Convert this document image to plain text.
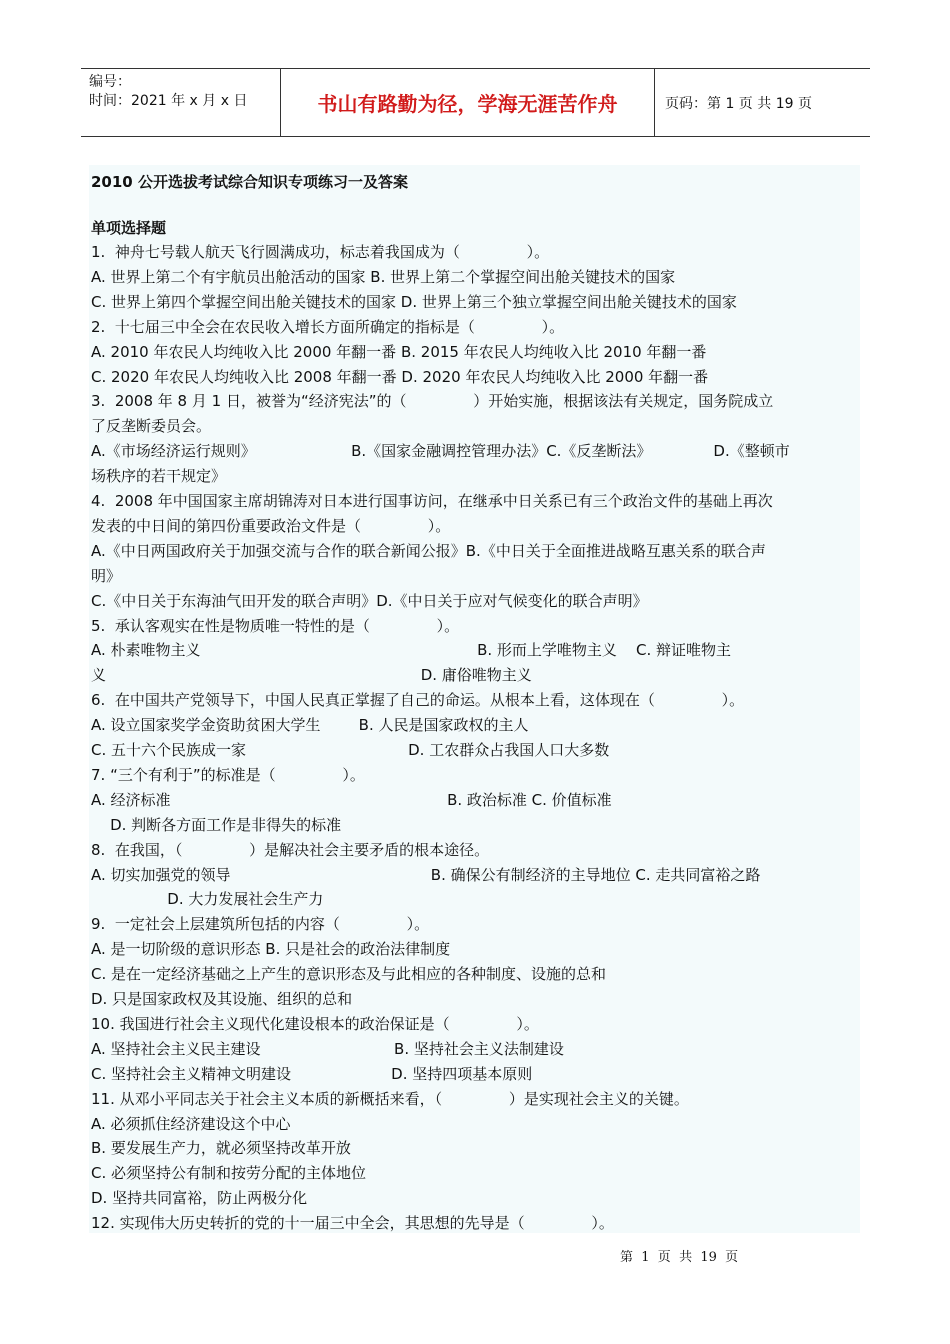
编号：
时间：2021 年 x 月 x 日	书山有路勤为径，学海无涯苦作舟	页码：第 1 页 共 19 页
2010 公开选拔考试综合知识专项练习一及答案
单项选择题
1.  神舟七号载人航天飞行圆满成功，标志着我国成为（              ）。
A. 世界上第二个有宇航员出舱活动的国家 B. 世界上第二个掌握空间出舱关键技术的国家
C. 世界上第四个掌握空间出舱关键技术的国家 D. 世界上第三个独立掌握空间出舱关键技术的国家
2.  十七届三中全会在农民收入增长方面所确定的指标是（              ）。
A. 2010 年农民人均纯收入比 2000 年翻一番 B. 2015 年农民人均纯收入比 2010 年翻一番
C. 2020 年农民人均纯收入比 2008 年翻一番 D. 2020 年农民人均纯收入比 2000 年翻一番
3.  2008 年 8 月 1 日，被誉为“经济宪法”的（              ）开始实施，根据该法有关规定，国务院成立
了反垄断委员会。
A.《市场经济运行规则》                    B.《国家金融调控管理办法》C.《反垄断法》             D.《整顿市
场秩序的若干规定》
4.  2008 年中国国家主席胡锦涛对日本进行国事访问，在继承中日关系已有三个政治文件的基础上再次
发表的中日间的第四份重要政治文件是（              ）。
A.《中日两国政府关于加强交流与合作的联合新闻公报》B.《中日关于全面推进战略互惠关系的联合声
明》
C.《中日关于东海油气田开发的联合声明》D.《中日关于应对气候变化的联合声明》
5.  承认客观实在性是物质唯一特性的是（              ）。
A. 朴素唯物主义                                                          B. 形而上学唯物主义    C. 辩证唯物主
义                                                                  D. 庸俗唯物主义
6.  在中国共产党领导下，中国人民真正掌握了自己的命运。从根本上看，这体现在（              ）。
A. 设立国家奖学金资助贫困大学生        B. 人民是国家政权的主人
C. 五十六个民族成一家                                  D. 工农群众占我国人口大多数
7. “三个有利于”的标准是（              ）。
A. 经济标准                                                          B. 政治标准 C. 价值标准
D. 判断各方面工作是非得失的标准
8.  在我国，（              ）是解决社会主要矛盾的根本途径。
A. 切实加强党的领导                                          B. 确保公有制经济的主导地位 C. 走共同富裕之路
D. 大力发展社会生产力
9.  一定社会上层建筑所包括的内容（              ）。
A. 是一切阶级的意识形态 B. 只是社会的政治法律制度
C. 是在一定经济基础之上产生的意识形态及与此相应的各种制度、设施的总和
D. 只是国家政权及其设施、组织的总和
10. 我国进行社会主义现代化建设根本的政治保证是（              ）。
A. 坚持社会主义民主建设                            B. 坚持社会主义法制建设
C. 坚持社会主义精神文明建设                     D. 坚持四项基本原则
11. 从邓小平同志关于社会主义本质的新概括来看，（              ）是实现社会主义的关键。
A. 必须抓住经济建设这个中心
B. 要发展生产力，就必须坚持改革开放
C. 必须坚持公有制和按劳分配的主体地位
D. 坚持共同富裕，防止两极分化
12. 实现伟大历史转折的党的十一届三中全会，其思想的先导是（              ）。
第  1  页  共  19  页
